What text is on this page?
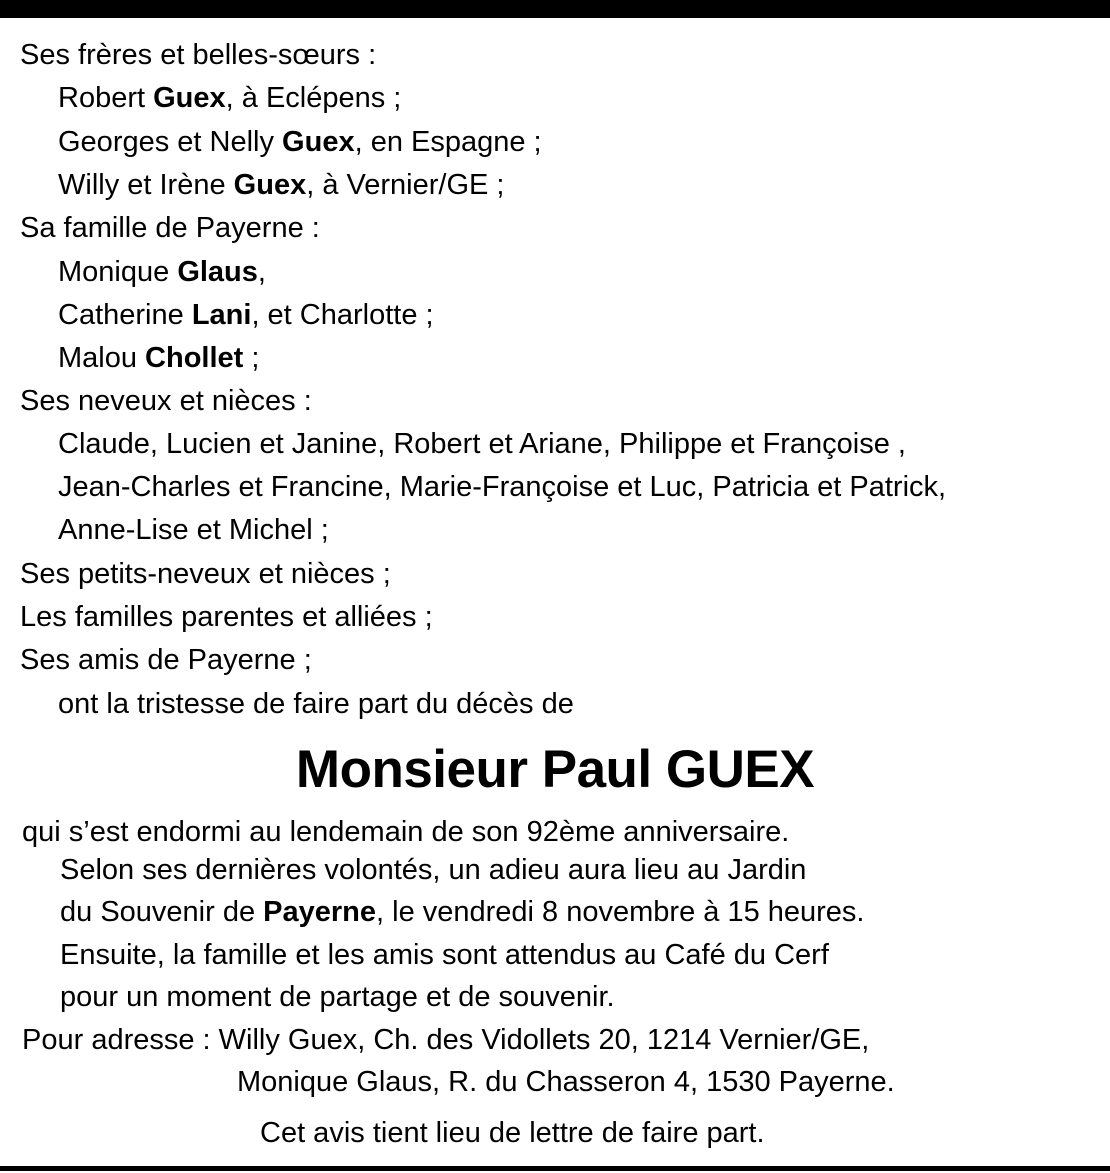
Ses frères et belles-sœurs :
Robert Guex, à Eclépens ;
Georges et Nelly Guex, en Espagne ;
Willy et Irène Guex, à Vernier/GE ;
Sa famille de Payerne :
Monique Glaus,
Catherine Lani, et Charlotte ;
Malou Chollet ;
Ses neveux et nièces :
Claude, Lucien et Janine, Robert et Ariane, Philippe et Françoise ,
Jean-Charles et Francine, Marie-Françoise et Luc, Patricia et Patrick,
Anne-Lise et Michel ;
Ses petits-neveux et nièces ;
Les familles parentes et alliées ;
Ses amis de Payerne ;
ont la tristesse de faire part du décès de
Monsieur Paul GUEX
qui s’est endormi au lendemain de son 92ème anniversaire.
Selon ses dernières volontés, un adieu aura lieu au Jardin
du Souvenir de Payerne, le vendredi 8 novembre à 15 heures.
Ensuite, la famille et les amis sont attendus au Café du Cerf
pour un moment de partage et de souvenir.
Pour adresse : Willy Guex, Ch. des Vidollets 20, 1214 Vernier/GE,
Monique Glaus, R. du Chasseron 4, 1530 Payerne.
Cet avis tient lieu de lettre de faire part.
